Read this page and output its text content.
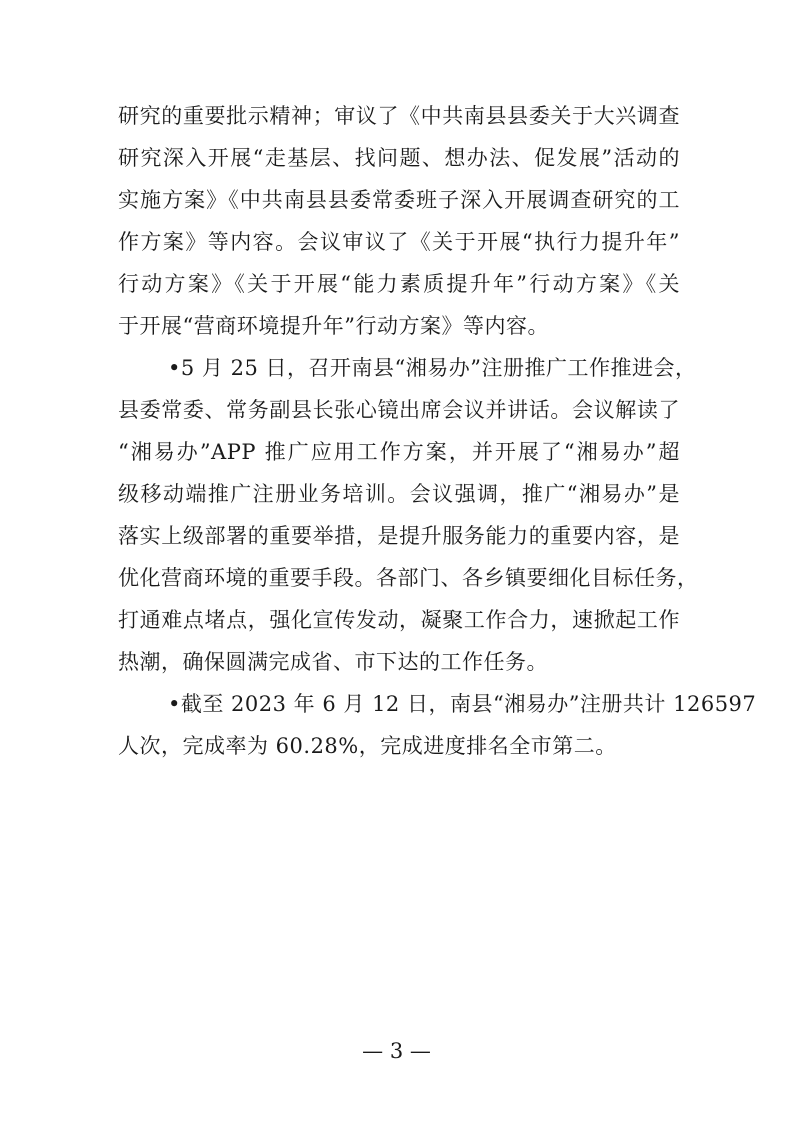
研究的重要批示精神；审议了《中共南县县委关于大兴调查
研究深入开展“走基层、找问题、想办法、促发展”活动的
实施方案》《中共南县县委常委班子深入开展调查研究的工
作方案》等内容。会议审议了《关于开展“执行力提升年”
行动方案》《关于开展“能力素质提升年”行动方案》《关
于开展“营商环境提升年”行动方案》等内容。
•5 月 25 日，召开南县“湘易办”注册推广工作推进会，
县委常委、常务副县长张心镜出席会议并讲话。会议解读了
“湘易办”APP 推广应用工作方案，并开展了“湘易办”超
级移动端推广注册业务培训。会议强调，推广“湘易办”是
落实上级部署的重要举措，是提升服务能力的重要内容，是
优化营商环境的重要手段。各部门、各乡镇要细化目标任务，
打通难点堵点，强化宣传发动，凝聚工作合力，速掀起工作
热潮，确保圆满完成省、市下达的工作任务。
•截至 2023 年 6 月 12 日，南县“湘易办”注册共计 126597
人次，完成率为 60.28%，完成进度排名全市第二。
— 3 —
